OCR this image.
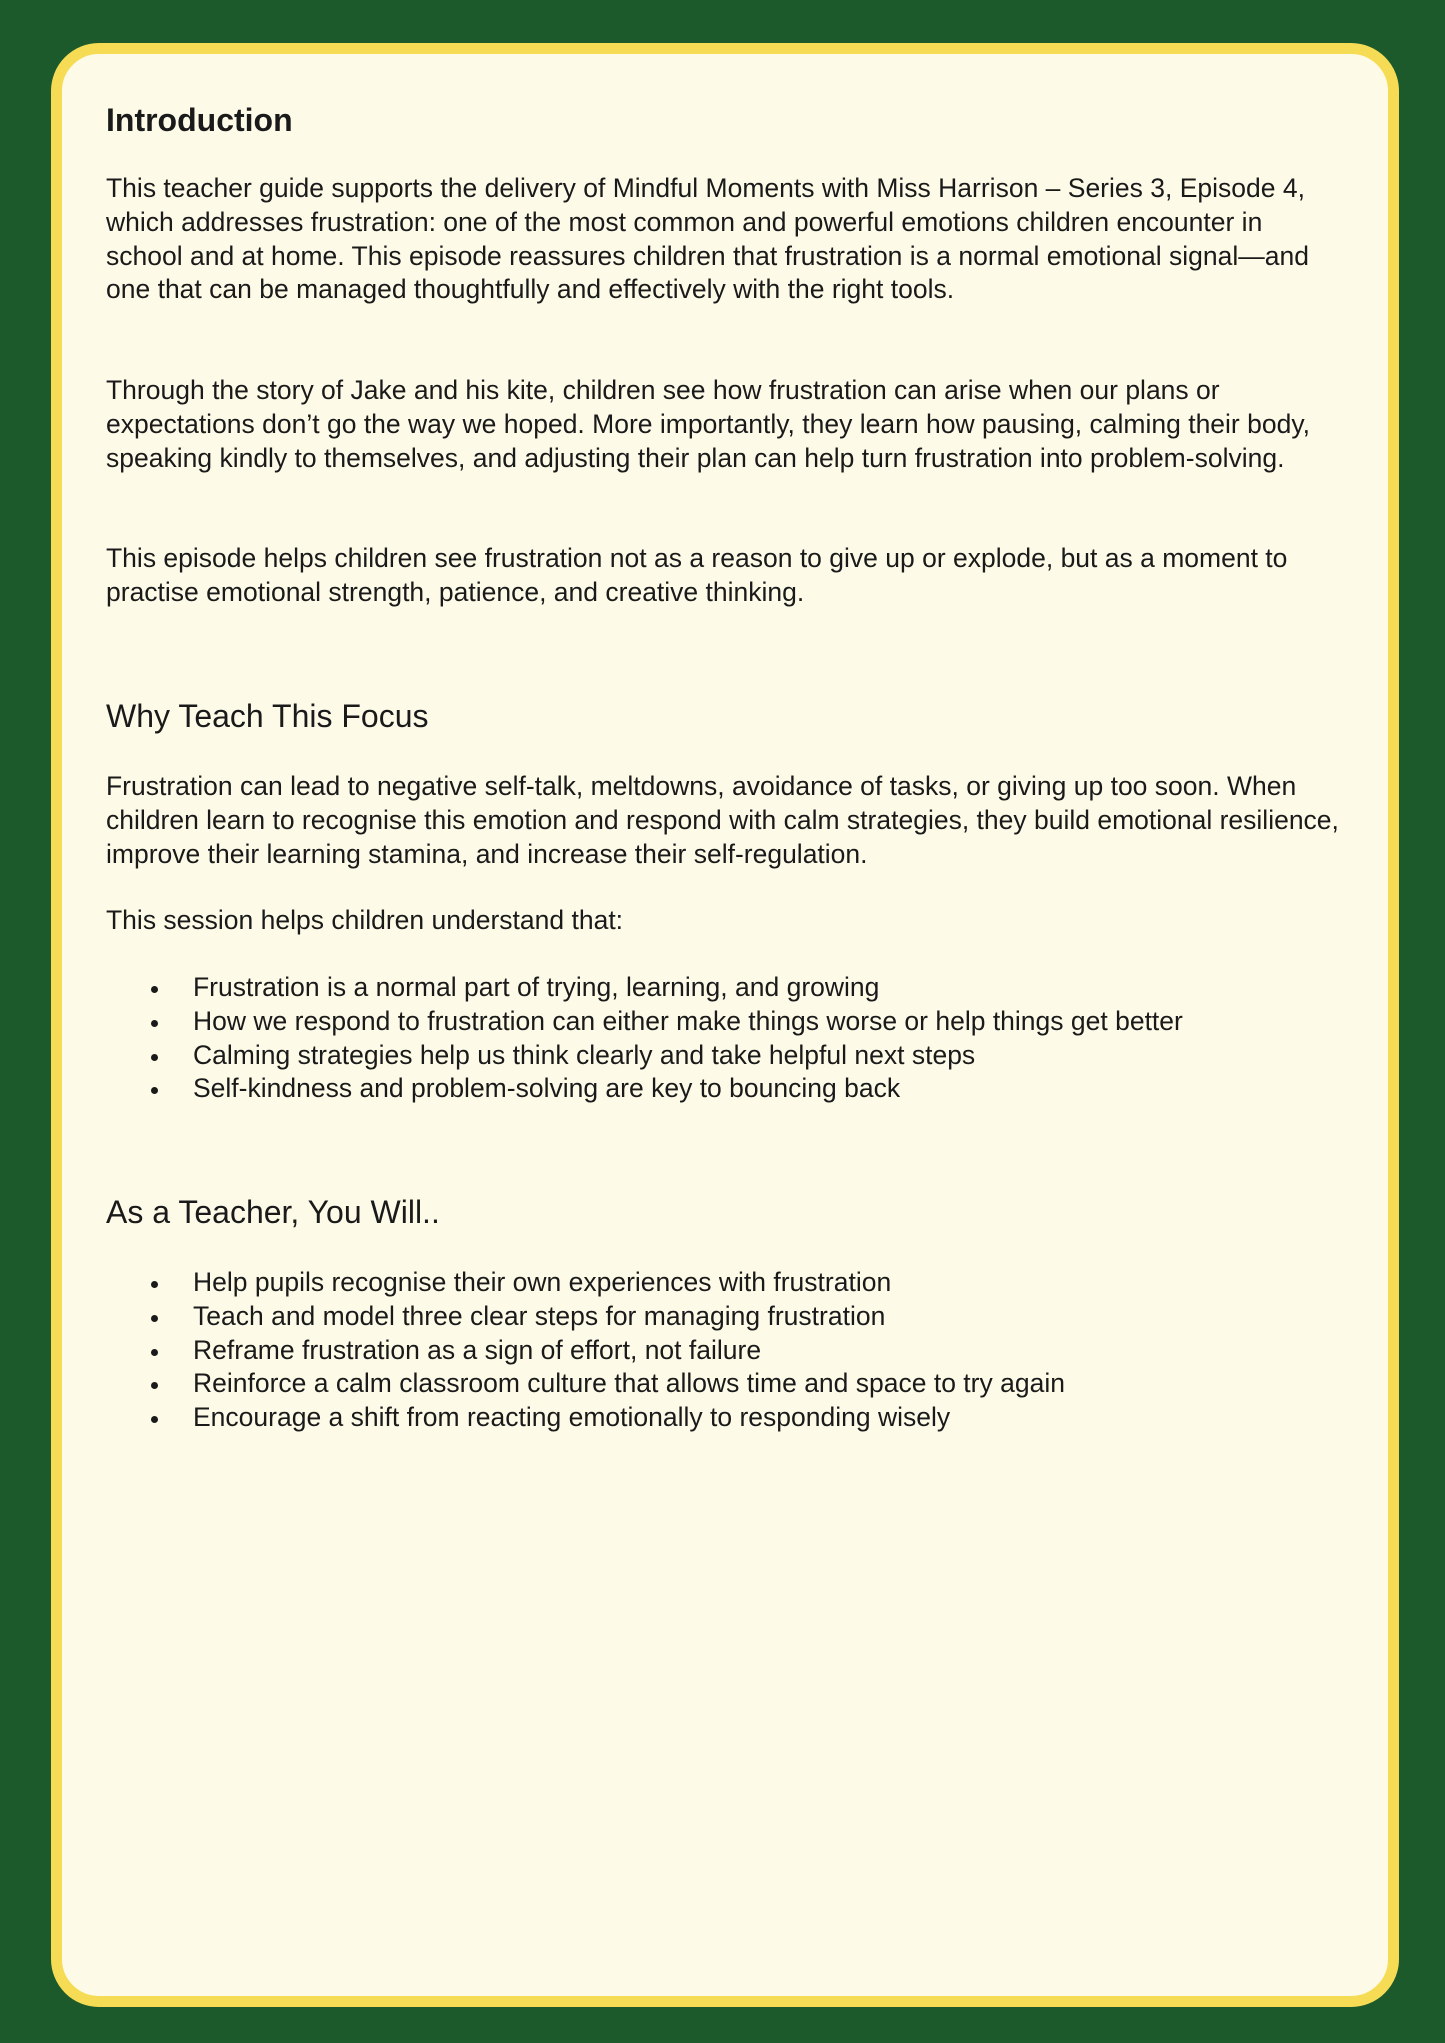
Introduction

This teacher guide supports the delivery of Mindful Moments with Miss Harrison – Series 3, Episode 4, which addresses frustration: one of the most common and powerful emotions children encounter in school and at home. This episode reassures children that frustration is a normal emotional signal—and one that can be managed thoughtfully and effectively with the right tools.

Through the story of Jake and his kite, children see how frustration can arise when our plans or expectations don’t go the way we hoped. More importantly, they learn how pausing, calming their body, speaking kindly to themselves, and adjusting their plan can help turn frustration into problem-solving.

This episode helps children see frustration not as a reason to give up or explode, but as a moment to practise emotional strength, patience, and creative thinking.

Why Teach This Focus

Frustration can lead to negative self-talk, meltdowns, avoidance of tasks, or giving up too soon. When children learn to recognise this emotion and respond with calm strategies, they build emotional resilience, improve their learning stamina, and increase their self-regulation.

This session helps children understand that:

Frustration is a normal part of trying, learning, and growing
How we respond to frustration can either make things worse or help things get better
Calming strategies help us think clearly and take helpful next steps
Self-kindness and problem-solving are key to bouncing back
As a Teacher, You Will..
Help pupils recognise their own experiences with frustration
Teach and model three clear steps for managing frustration
Reframe frustration as a sign of effort, not failure
Reinforce a calm classroom culture that allows time and space to try again
Encourage a shift from reacting emotionally to responding wisely
